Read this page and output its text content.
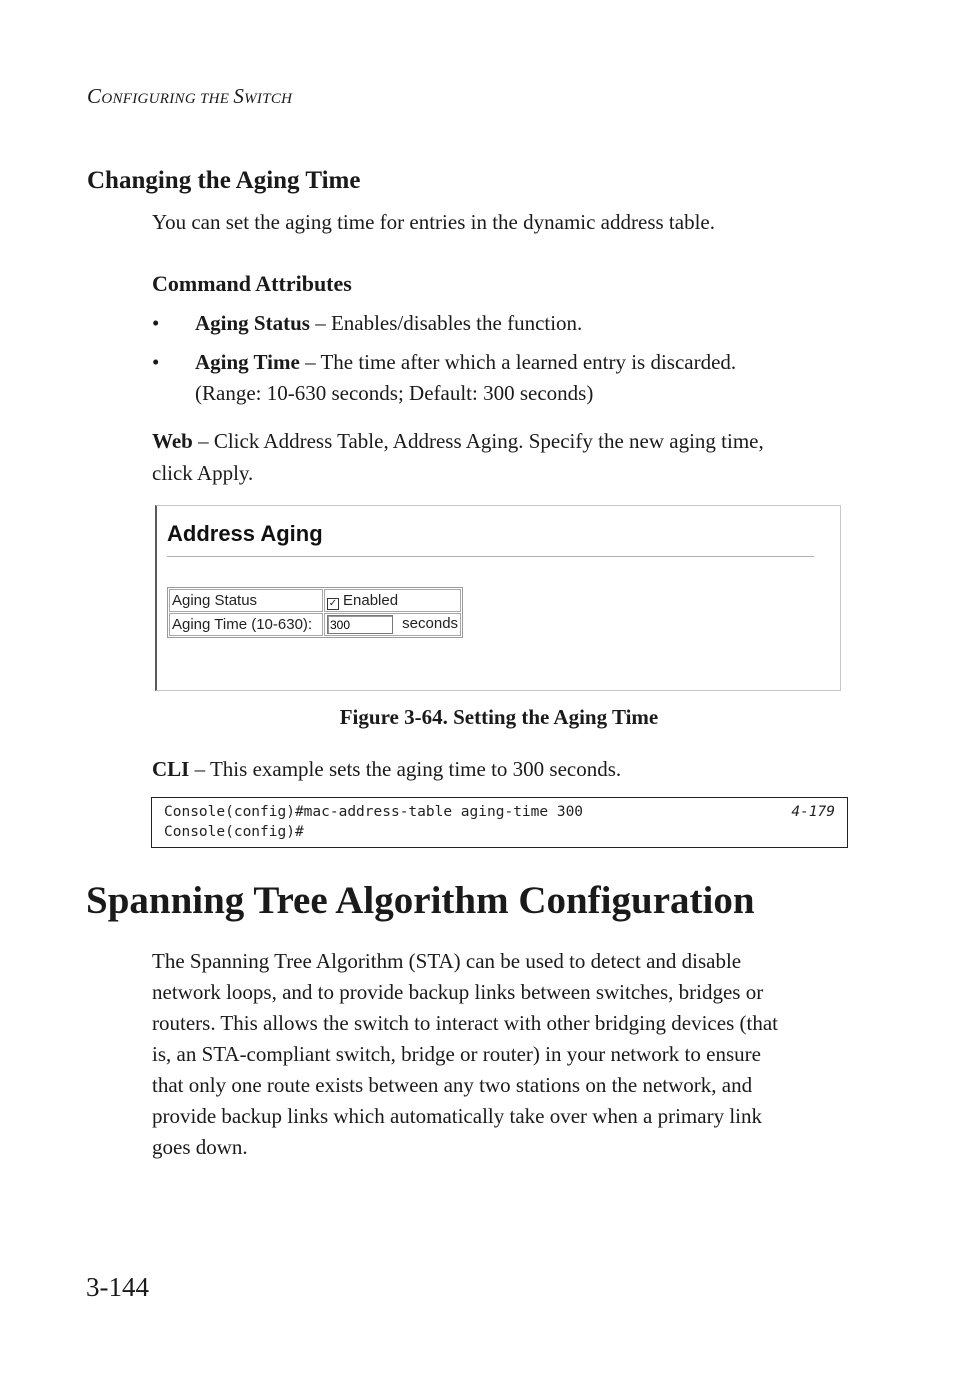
CONFIGURING THE SWITCH
Changing the Aging Time
You can set the aging time for entries in the dynamic address table.
Command Attributes
• Aging Status – Enables/disables the function.
• Aging Time – The time after which a learned entry is discarded.
(Range: 10-630 seconds; Default: 300 seconds)
Web – Click Address Table, Address Aging. Specify the new aging time,
click Apply.
Address Aging
Aging Status	✓ Enabled
Aging Time (10-630):	300seconds
Figure 3-64. Setting the Aging Time
CLI – This example sets the aging time to 300 seconds.
Console(config)#mac-address-table aging-time 300	4-179
Console(config)#
Spanning Tree Algorithm Configuration
The Spanning Tree Algorithm (STA) can be used to detect and disable
network loops, and to provide backup links between switches, bridges or
routers. This allows the switch to interact with other bridging devices (that
is, an STA-compliant switch, bridge or router) in your network to ensure
that only one route exists between any two stations on the network, and
provide backup links which automatically take over when a primary link
goes down.
3-144
